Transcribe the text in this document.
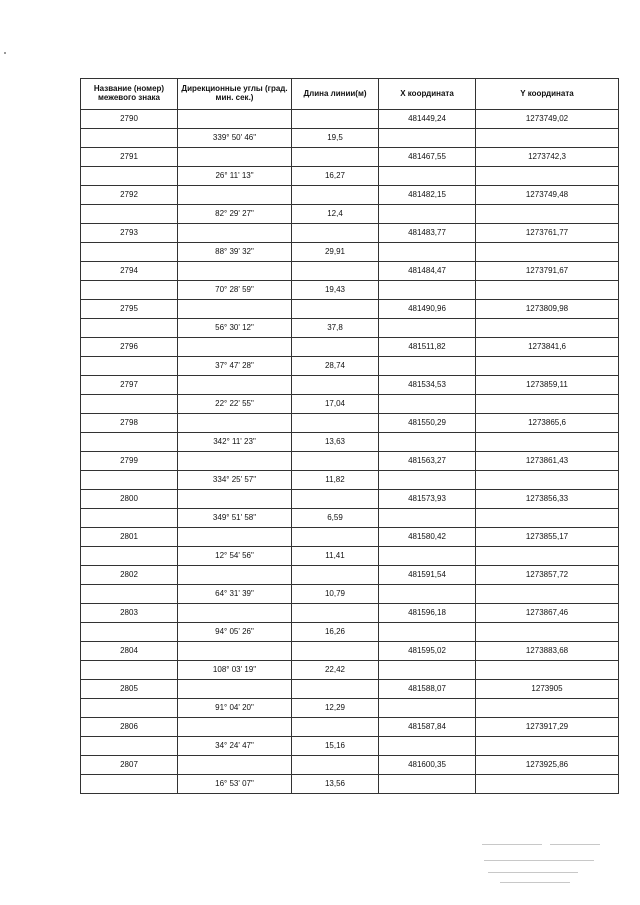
Название (номер) межевого знака	Дирекционные углы (град. мин. сек.)	Длина линии(м)	X координата	Y координата
2790			481449,24	1273749,02
	339° 50' 46"	19,5		
2791			481467,55	1273742,3
	26° 11' 13"	16,27		
2792			481482,15	1273749,48
	82° 29' 27"	12,4		
2793			481483,77	1273761,77
	88° 39' 32"	29,91		
2794			481484,47	1273791,67
	70° 28' 59"	19,43		
2795			481490,96	1273809,98
	56° 30' 12"	37,8		
2796			481511,82	1273841,6
	37° 47' 28"	28,74		
2797			481534,53	1273859,11
	22° 22' 55"	17,04		
2798			481550,29	1273865,6
	342° 11' 23"	13,63		
2799			481563,27	1273861,43
	334° 25' 57"	11,82		
2800			481573,93	1273856,33
	349° 51' 58"	6,59		
2801			481580,42	1273855,17
	12° 54' 56"	11,41		
2802			481591,54	1273857,72
	64° 31' 39"	10,79		
2803			481596,18	1273867,46
	94° 05' 26"	16,26		
2804			481595,02	1273883,68
	108° 03' 19"	22,42		
2805			481588,07	1273905
	91° 04' 20"	12,29		
2806			481587,84	1273917,29
	34° 24' 47"	15,16		
2807			481600,35	1273925,86
	16° 53' 07"	13,56		
